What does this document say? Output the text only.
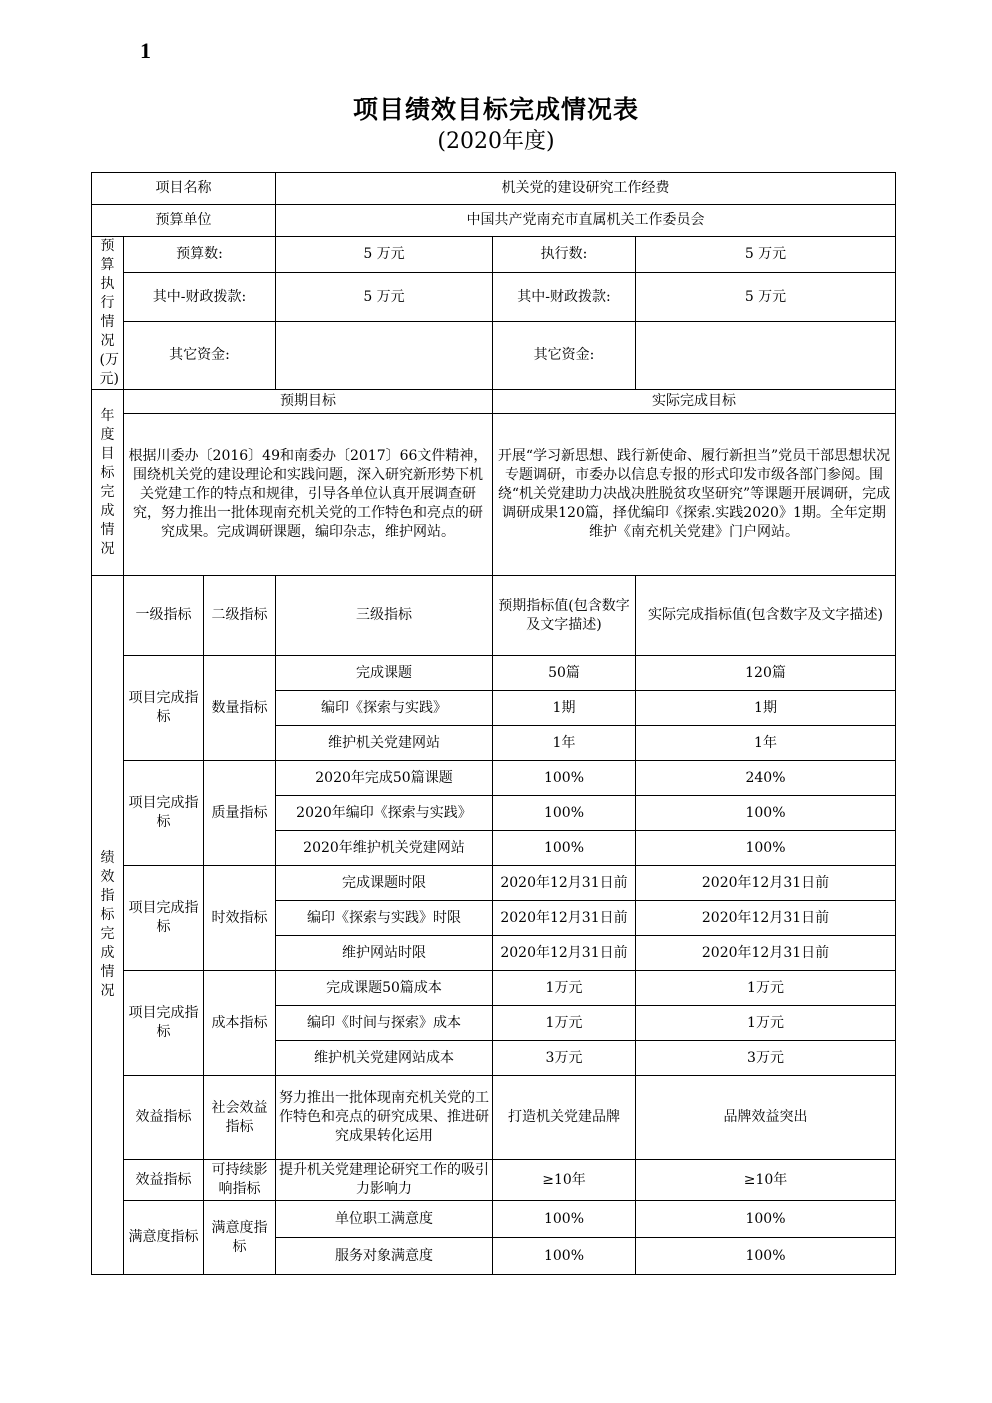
1
项目绩效目标完成情况表
(2020年度)
项目名称			机关党的建设研究工作经费		
预算单位			中国共产党南充市直属机关工作委员会		

预算执行情况(万元)	预算数:		5 万元	执行数:	5 万元
	其中-财政拨款:		5 万元	其中-财政拨款:	5 万元
	其它资金:			其它资金:	

年度目标完成情况	预期目标			实际完成目标	
	根据川委办〔2016〕49和南委办〔2017〕66文件精神，围绕机关党的建设理论和实践问题，深入研究新形势下机关党建工作的特点和规律，引导各单位认真开展调查研究，努力推出一批体现南充机关党的工作特色和亮点的研究成果。完成调研课题，编印杂志，维护网站。			开展“学习新思想、践行新使命、履行新担当”党员干部思想状况专题调研，市委办以信息专报的形式印发市级各部门参阅。围绕“机关党建助力决战决胜脱贫攻坚研究”等课题开展调研，完成调研成果120篇，择优编印《探索.实践2020》1期。全年定期维护《南充机关党建》门户网站。	

绩效指标完成情况	一级指标	二级指标	三级指标	预期指标值(包含数字及文字描述)	实际完成指标值(包含数字及文字描述)
	项目完成指标	数量指标	完成课题	50篇	120篇
			编印《探索与实践》	1期	1期
			维护机关党建网站	1年	1年
	项目完成指标	质量指标	2020年完成50篇课题	100%	240%
			2020年编印《探索与实践》	100%	100%
			2020年维护机关党建网站	100%	100%
	项目完成指标	时效指标	完成课题时限	2020年12月31日前	2020年12月31日前
			编印《探索与实践》时限	2020年12月31日前	2020年12月31日前
			维护网站时限	2020年12月31日前	2020年12月31日前
	项目完成指标	成本指标	完成课题50篇成本	1万元	1万元
			编印《时间与探索》成本	1万元	1万元
			维护机关党建网站成本	3万元	3万元
	效益指标	社会效益指标	努力推出一批体现南充机关党的工作特色和亮点的研究成果、推进研究成果转化运用	打造机关党建品牌	品牌效益突出
	效益指标	可持续影响指标	提升机关党建理论研究工作的吸引力影响力	≥10年	≥10年
	满意度指标	满意度指标	单位职工满意度	100%	100%
			服务对象满意度	100%	100%
